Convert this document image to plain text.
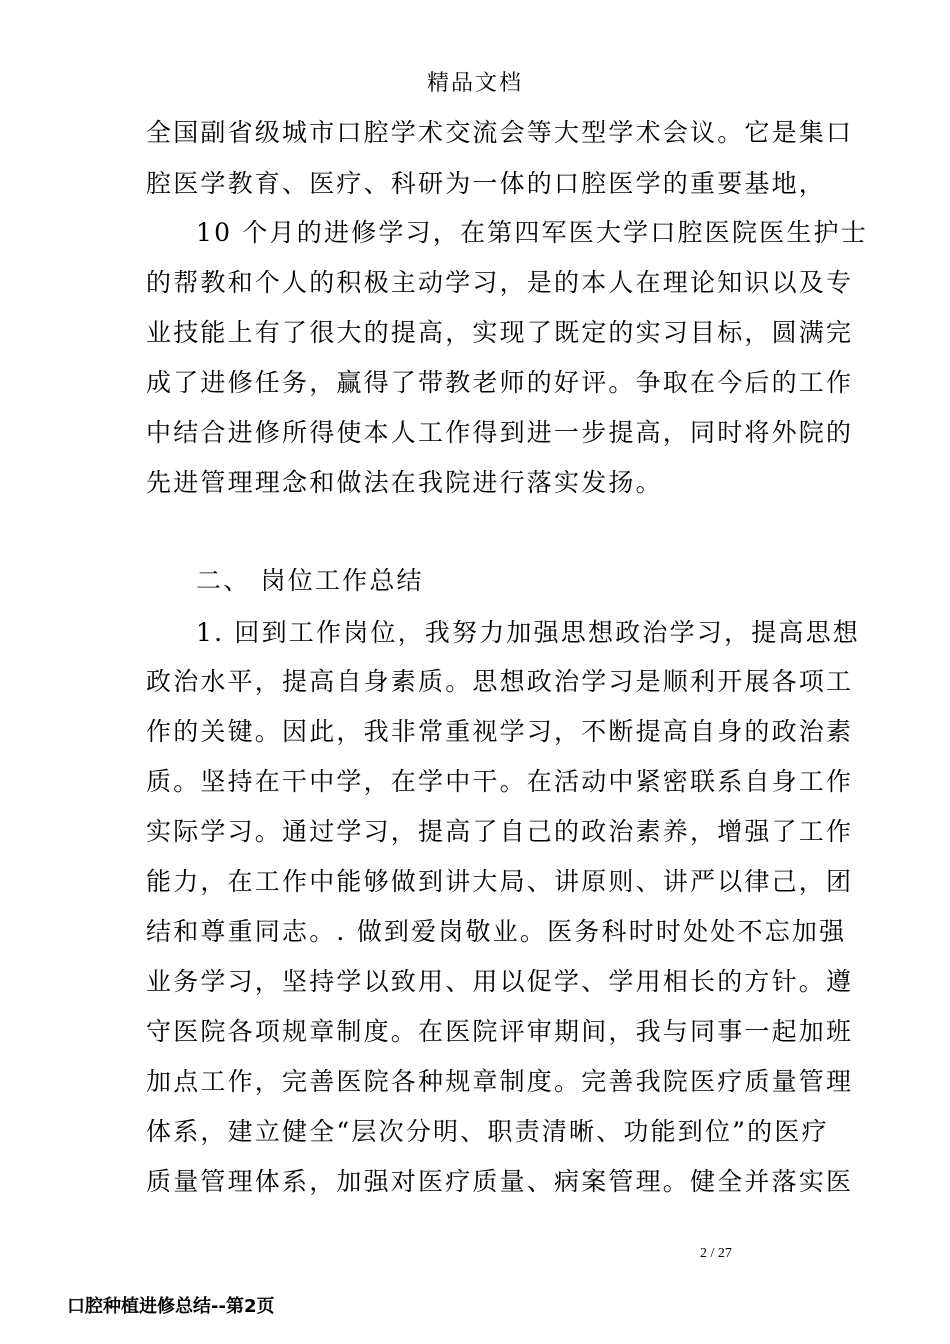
精品文档
全国副省级城市口腔学术交流会等大型学术会议。它是集口
腔医学教育、医疗、科研为一体的口腔医学的重要基地，
10 个月的进修学习，在第四军医大学口腔医院医生护士
的帮教和个人的积极主动学习，是的本人在理论知识以及专
业技能上有了很大的提高，实现了既定的实习目标，圆满完
成了进修任务，赢得了带教老师的好评。争取在今后的工作
中结合进修所得使本人工作得到进一步提高，同时将外院的
先进管理理念和做法在我院进行落实发扬。
二、 岗位工作总结
1. 回到工作岗位，我努力加强思想政治学习，提高思想
政治水平，提高自身素质。思想政治学习是顺利开展各项工
作的关键。因此，我非常重视学习，不断提高自身的政治素
质。坚持在干中学，在学中干。在活动中紧密联系自身工作
实际学习。通过学习，提高了自己的政治素养，增强了工作
能力，在工作中能够做到讲大局、讲原则、讲严以律己，团
结和尊重同志。. 做到爱岗敬业。医务科时时处处不忘加强
业务学习，坚持学以致用、用以促学、学用相长的方针。遵
守医院各项规章制度。在医院评审期间，我与同事一起加班
加点工作，完善医院各种规章制度。完善我院医疗质量管理
体系，建立健全“层次分明、职责清晰、功能到位”的医疗
质量管理体系，加强对医疗质量、病案管理。健全并落实医
2 / 27
口腔种植进修总结--第2页
